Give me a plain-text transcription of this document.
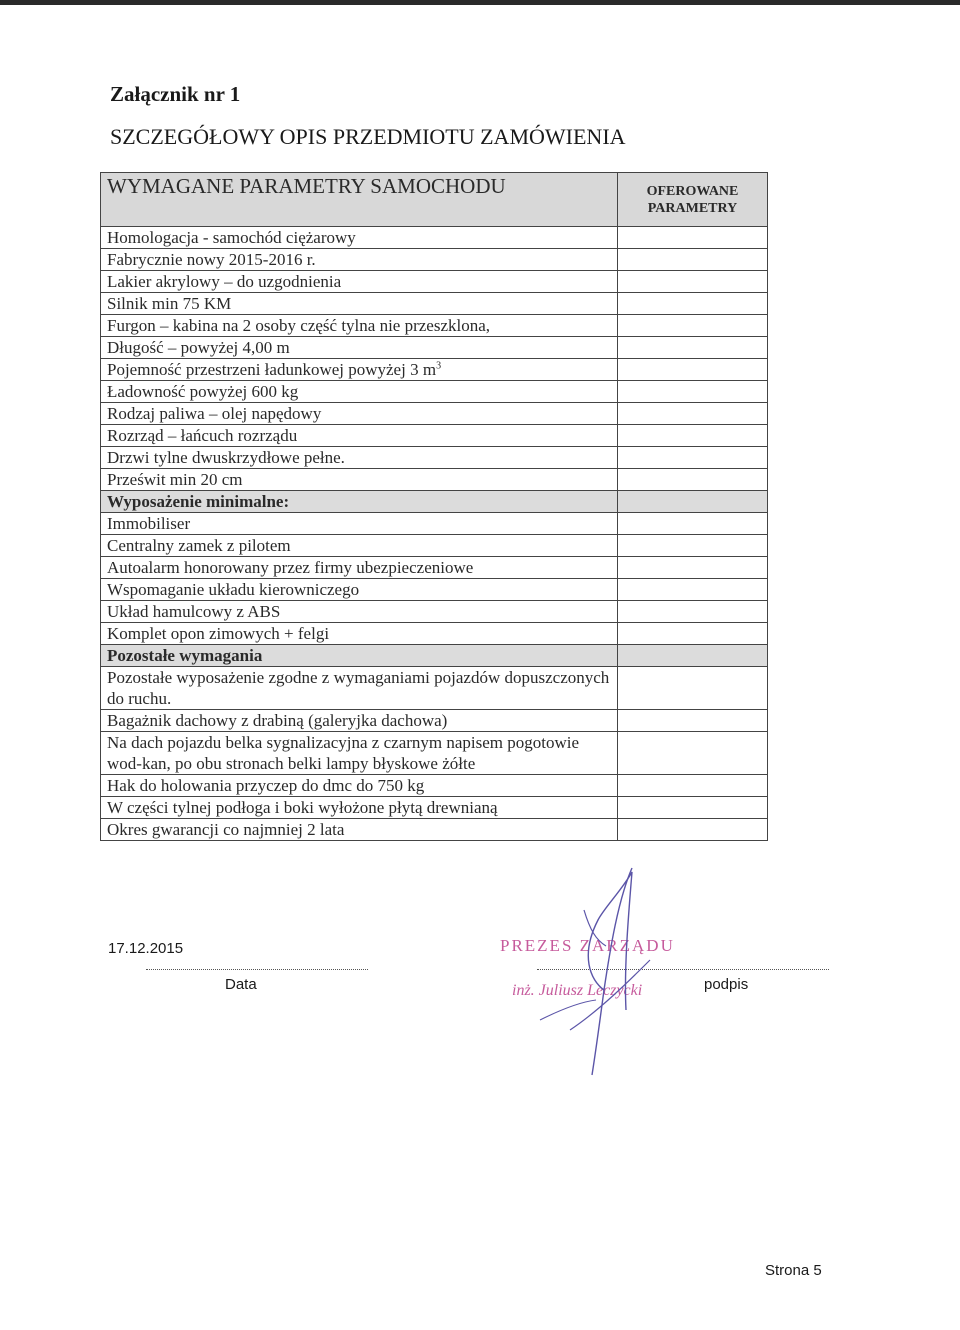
Załącznik nr 1
SZCZEGÓŁOWY OPIS PRZEDMIOTU ZAMÓWIENIA
WYMAGANE PARAMETRY SAMOCHODU	OFEROWANE PARAMETRY
Homologacja - samochód ciężarowy	
Fabrycznie nowy 2015-2016 r.	
Lakier akrylowy – do uzgodnienia	
Silnik min 75 KM	
Furgon – kabina na 2 osoby część tylna nie przeszklona,	
Długość – powyżej 4,00 m	
Pojemność przestrzeni ładunkowej powyżej 3 $m^3$	
Ładowność powyżej 600 kg	
Rodzaj paliwa – olej napędowy	
Rozrząd – łańcuch rozrządu	
Drzwi tylne dwuskrzydłowe pełne.	
Prześwit min 20 cm	
Wyposażenie minimalne:	
Immobiliser	
Centralny zamek z pilotem	
Autoalarm honorowany przez firmy ubezpieczeniowe	
Wspomaganie układu kierowniczego	
Układ hamulcowy z ABS	
Komplet opon zimowych + felgi	
Pozostałe wymagania	
Pozostałe wyposażenie zgodne z wymaganiami pojazdów dopuszczonych do ruchu.	
Bagażnik dachowy z drabiną (galeryjka dachowa)	
Na dach pojazdu belka sygnalizacyjna z czarnym napisem pogotowie wod-kan, po obu stronach belki lampy błyskowe żółte	
Hak do holowania przyczep do dmc do 750 kg	
W części tylnej podłoga i boki wyłożone płytą drewnianą	
Okres gwarancji co najmniej 2 lata	
17.12.2015
Data
PREZES ZARZĄDU
inż. Juliusz Leczycki	podpis
Strona 5
